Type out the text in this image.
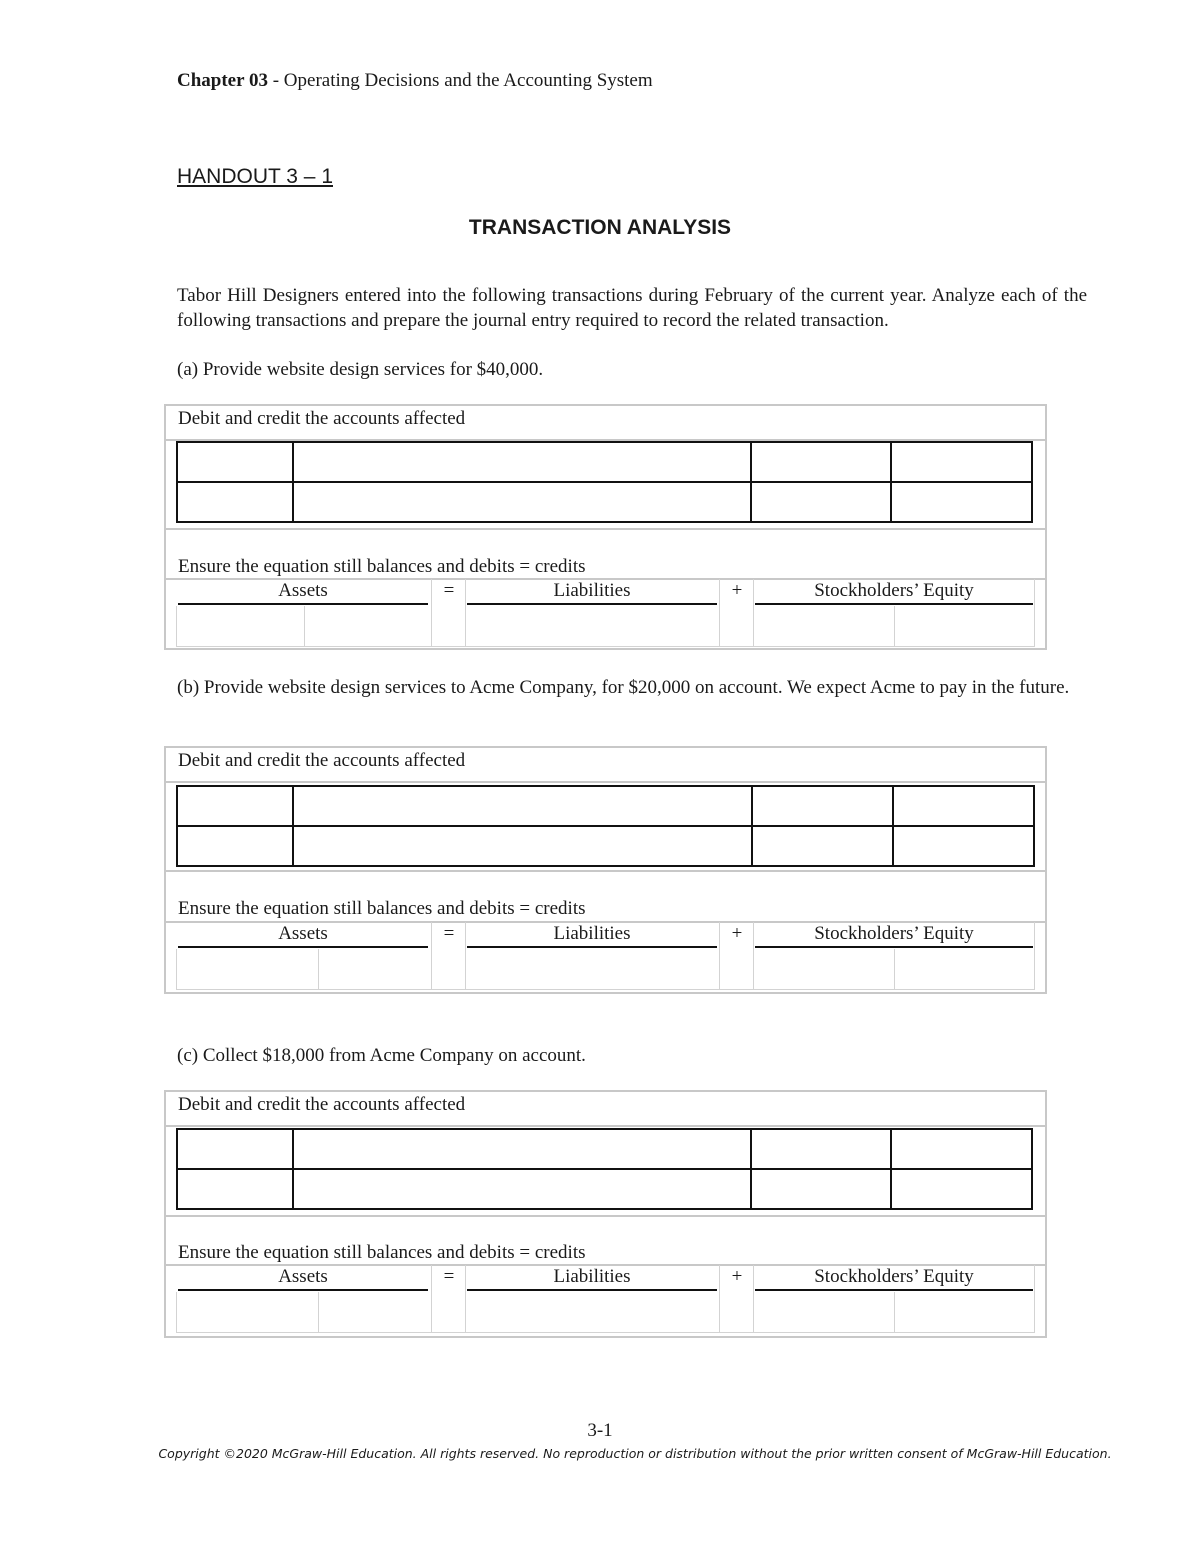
Chapter 03 - Operating Decisions and the Accounting System
HANDOUT 3 – 1
TRANSACTION ANALYSIS
Tabor Hill Designers entered into the following transactions during February of the current year. Analyze each of the following transactions and prepare the journal entry required to record the related transaction.
(a) Provide website design services for $40,000.
Debit and credit the accounts affected

Ensure the equation still balances and debits = credits
Assets	=	Liabilities	+	Stockholders’ Equity
(b) Provide website design services to Acme Company, for $20,000 on account. We expect Acme to pay in the future.
Debit and credit the accounts affected

Ensure the equation still balances and debits = credits
Assets	=	Liabilities	+	Stockholders’ Equity
(c) Collect $18,000 from Acme Company on account.
Debit and credit the accounts affected

Ensure the equation still balances and debits = credits
Assets	=	Liabilities	+	Stockholders’ Equity
3-1
Copyright ©2020 McGraw-Hill Education. All rights reserved. No reproduction or distribution without the prior written consent of McGraw-Hill Education.
